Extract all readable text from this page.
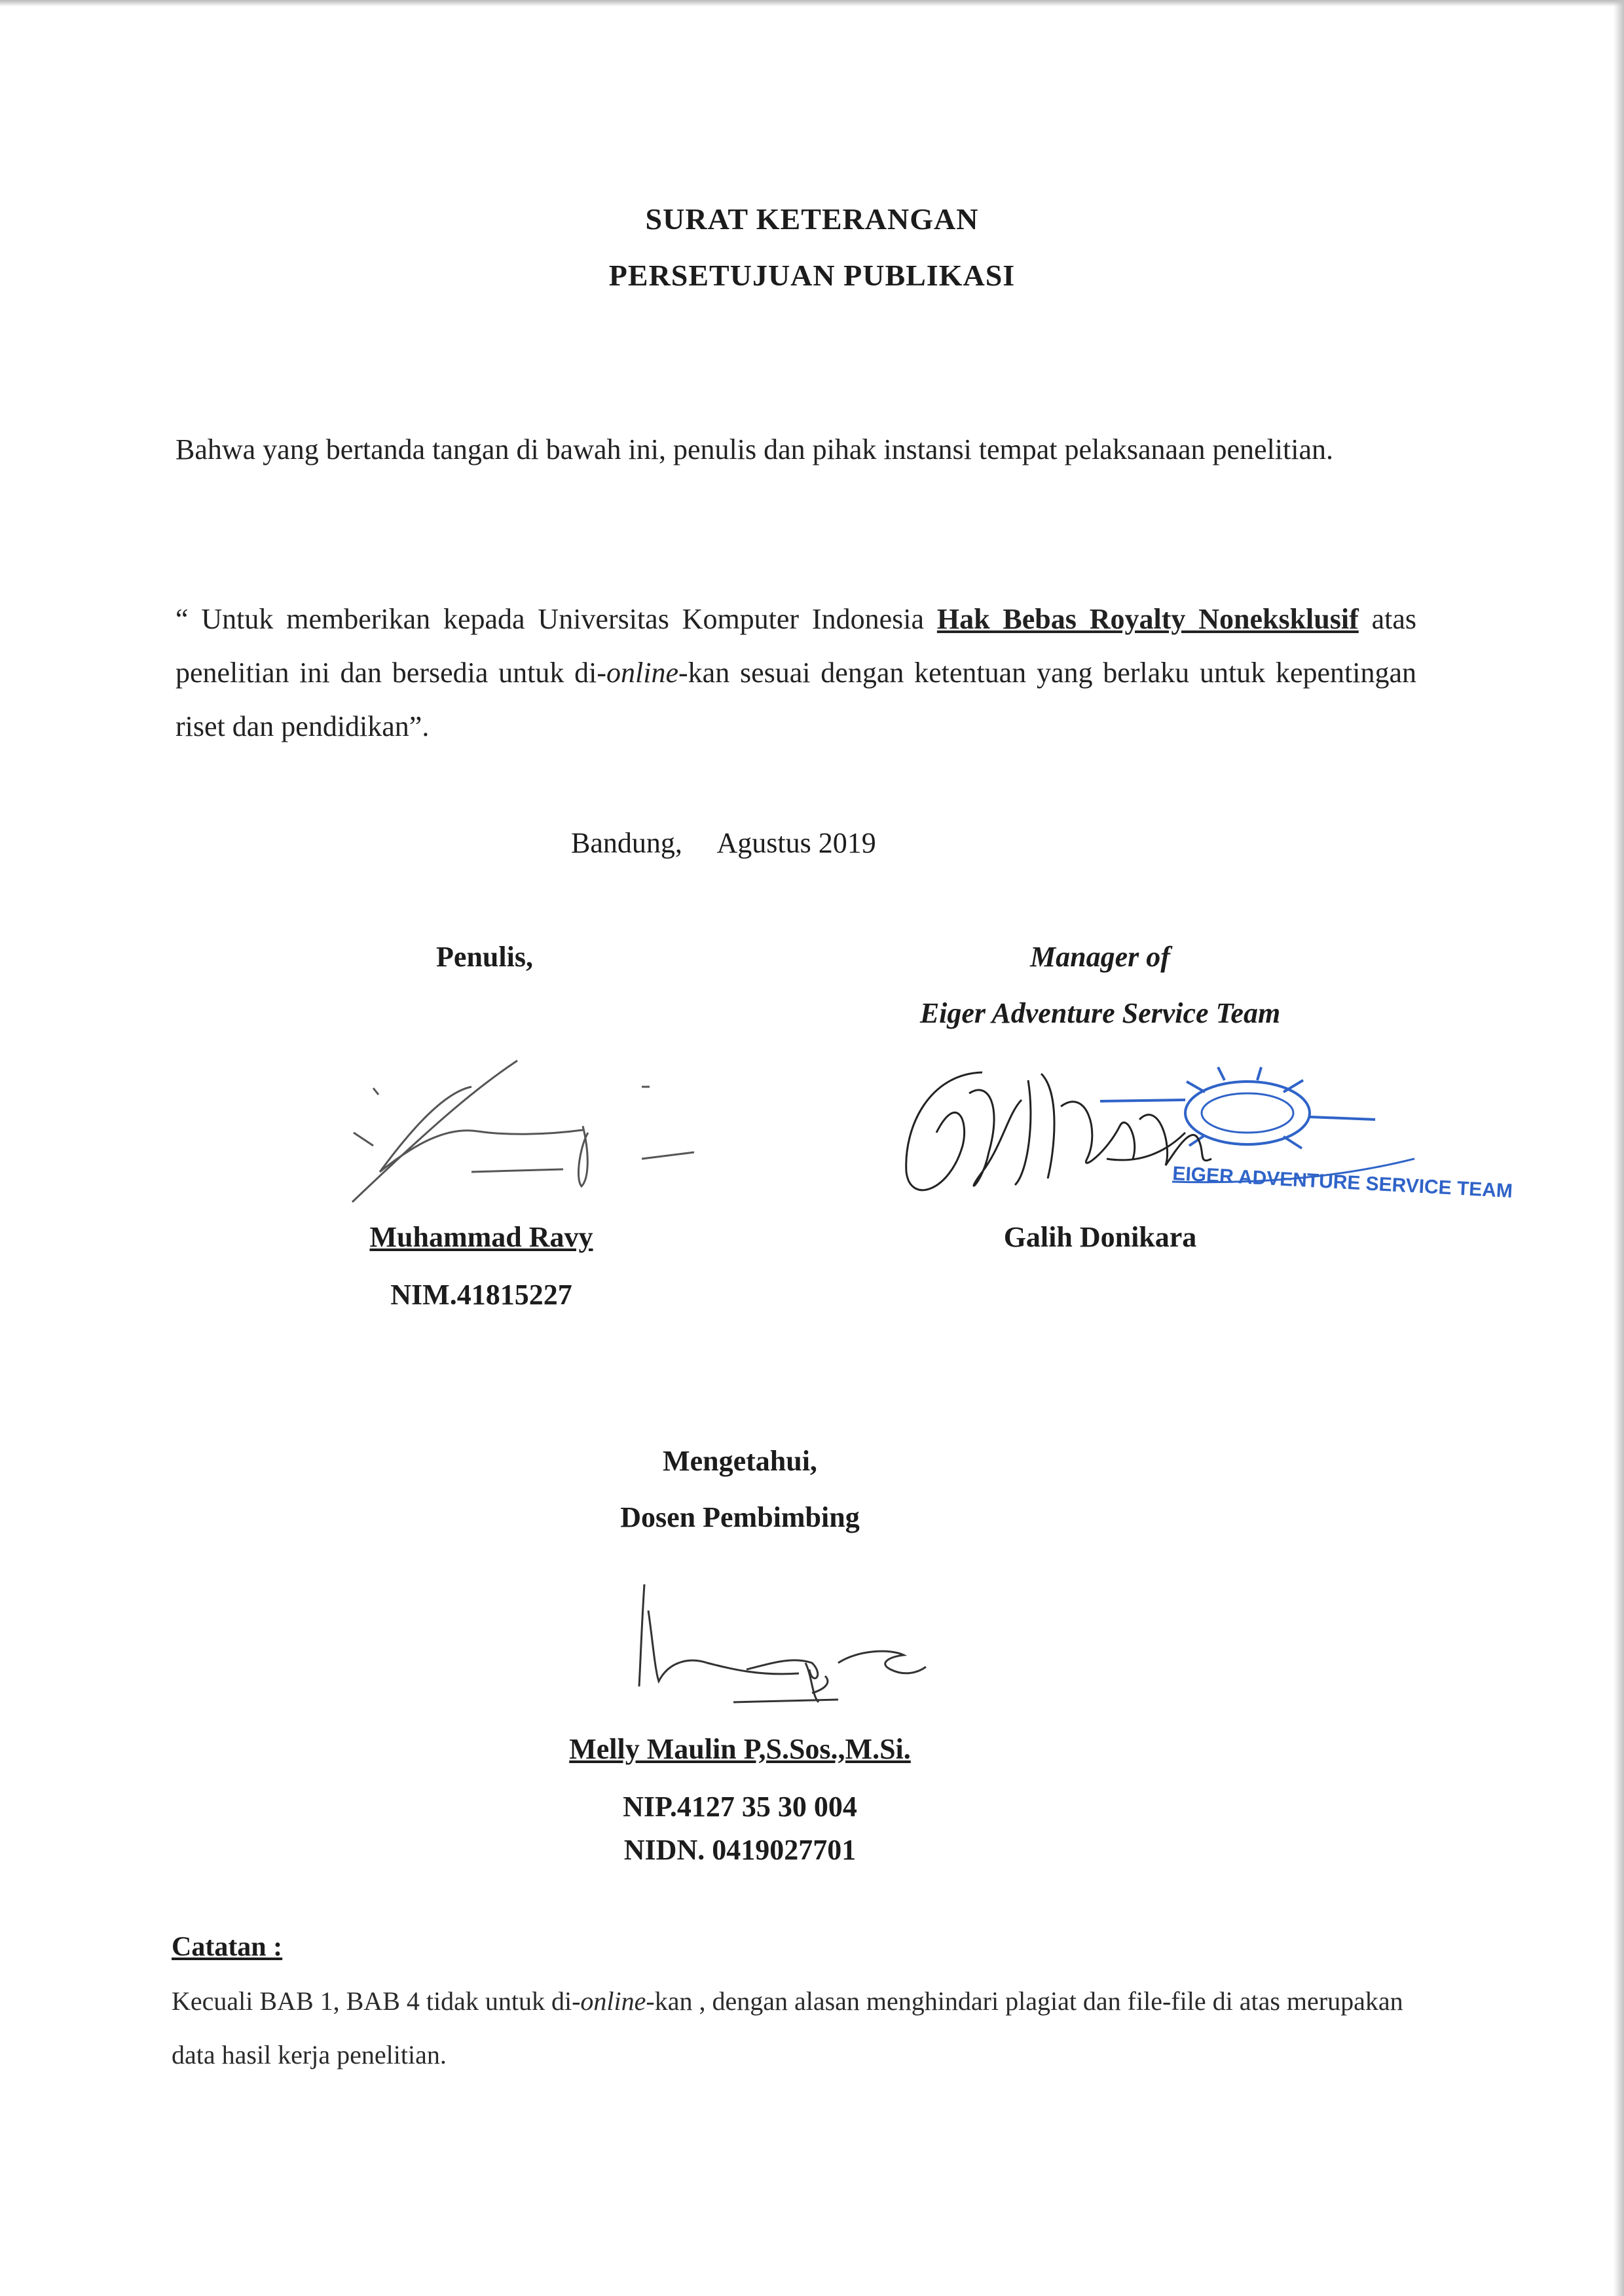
SURAT KETERANGAN
PERSETUJUAN PUBLIKASI
Bahwa yang bertanda tangan di bawah ini, penulis dan pihak instansi tempat pelaksanaan penelitian.
“ Untuk memberikan kepada Universitas Komputer Indonesia Hak Bebas Royalty Noneksklusif atas penelitian ini dan bersedia untuk di-online-kan sesuai dengan ketentuan yang berlaku untuk kepentingan riset dan pendidikan”.
Bandung,     Agustus 2019
Penulis,
Muhammad Ravy
NIM.41815227
Manager of
Eiger Adventure Service Team
EIGER ADVENTURE SERVICE TEAM
Galih Donikara
Mengetahui,
Dosen Pembimbing
Melly Maulin P,S.Sos.,M.Si.
NIP.4127 35 30 004
NIDN. 0419027701
Catatan :
Kecuali BAB 1, BAB 4 tidak untuk di-online-kan , dengan alasan menghindari plagiat dan file-file di atas merupakan data hasil kerja penelitian.
